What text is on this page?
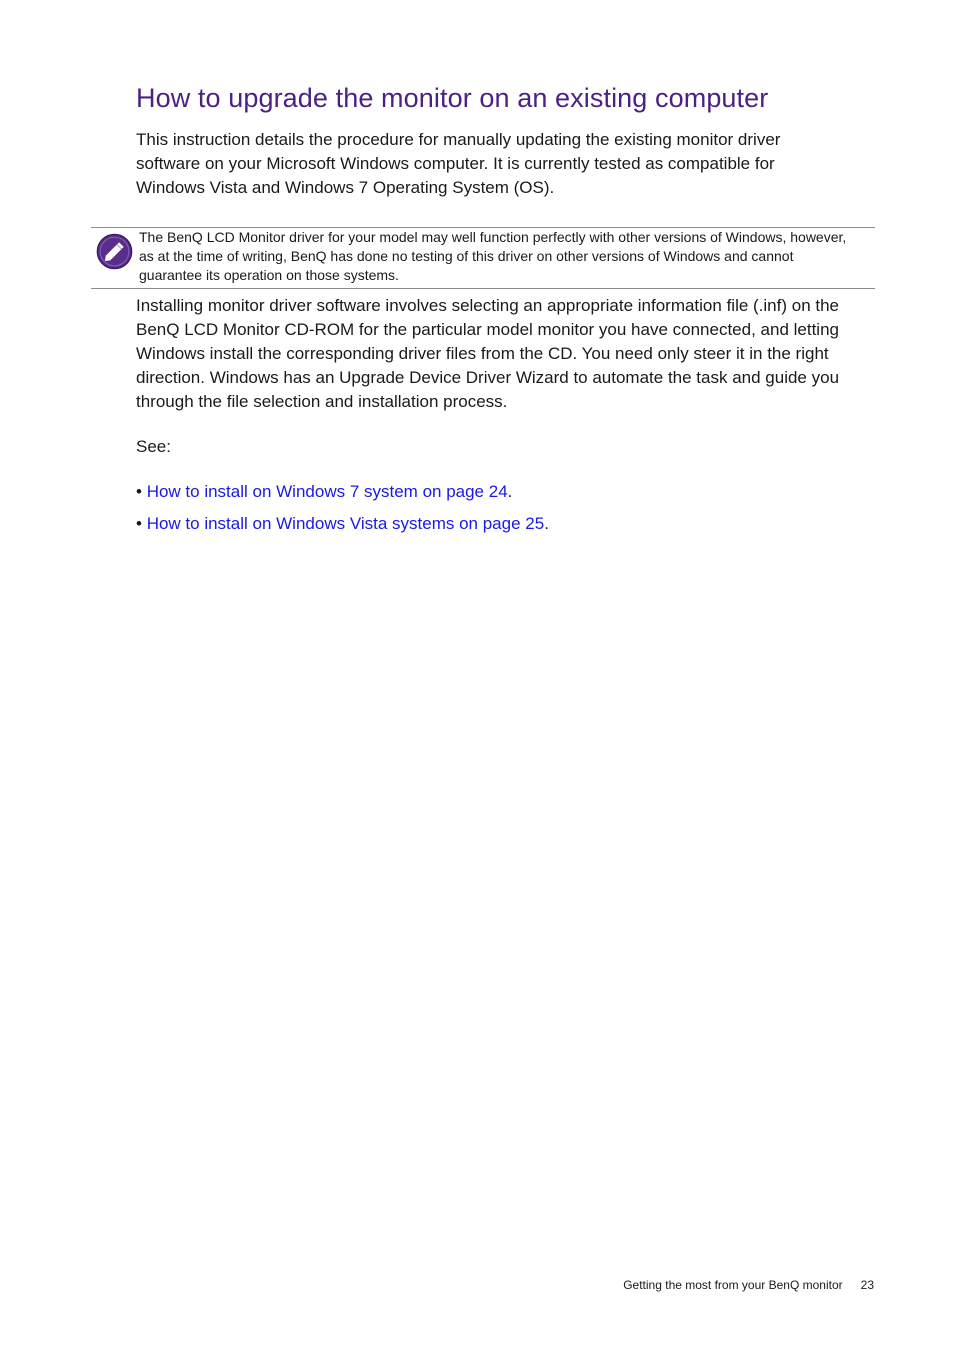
How to upgrade the monitor on an existing computer

This instruction details the procedure for manually updating the existing monitor driver software on your Microsoft Windows computer. It is currently tested as compatible for Windows Vista and Windows 7 Operating System (OS).

The BenQ LCD Monitor driver for your model may well function perfectly with other versions of Windows, however, as at the time of writing, BenQ has done no testing of this driver on other versions of Windows and cannot guarantee its operation on those systems.

Installing monitor driver software involves selecting an appropriate information file (.inf) on the BenQ LCD Monitor CD-ROM for the particular model monitor you have connected, and letting Windows install the corresponding driver files from the CD. You need only steer it in the right direction. Windows has an Upgrade Device Driver Wizard to automate the task and guide you through the file selection and installation process.

See:

• How to install on Windows 7 system on page 24.
• How to install on Windows Vista systems on page 25.
Getting the most from your BenQ monitor 23
